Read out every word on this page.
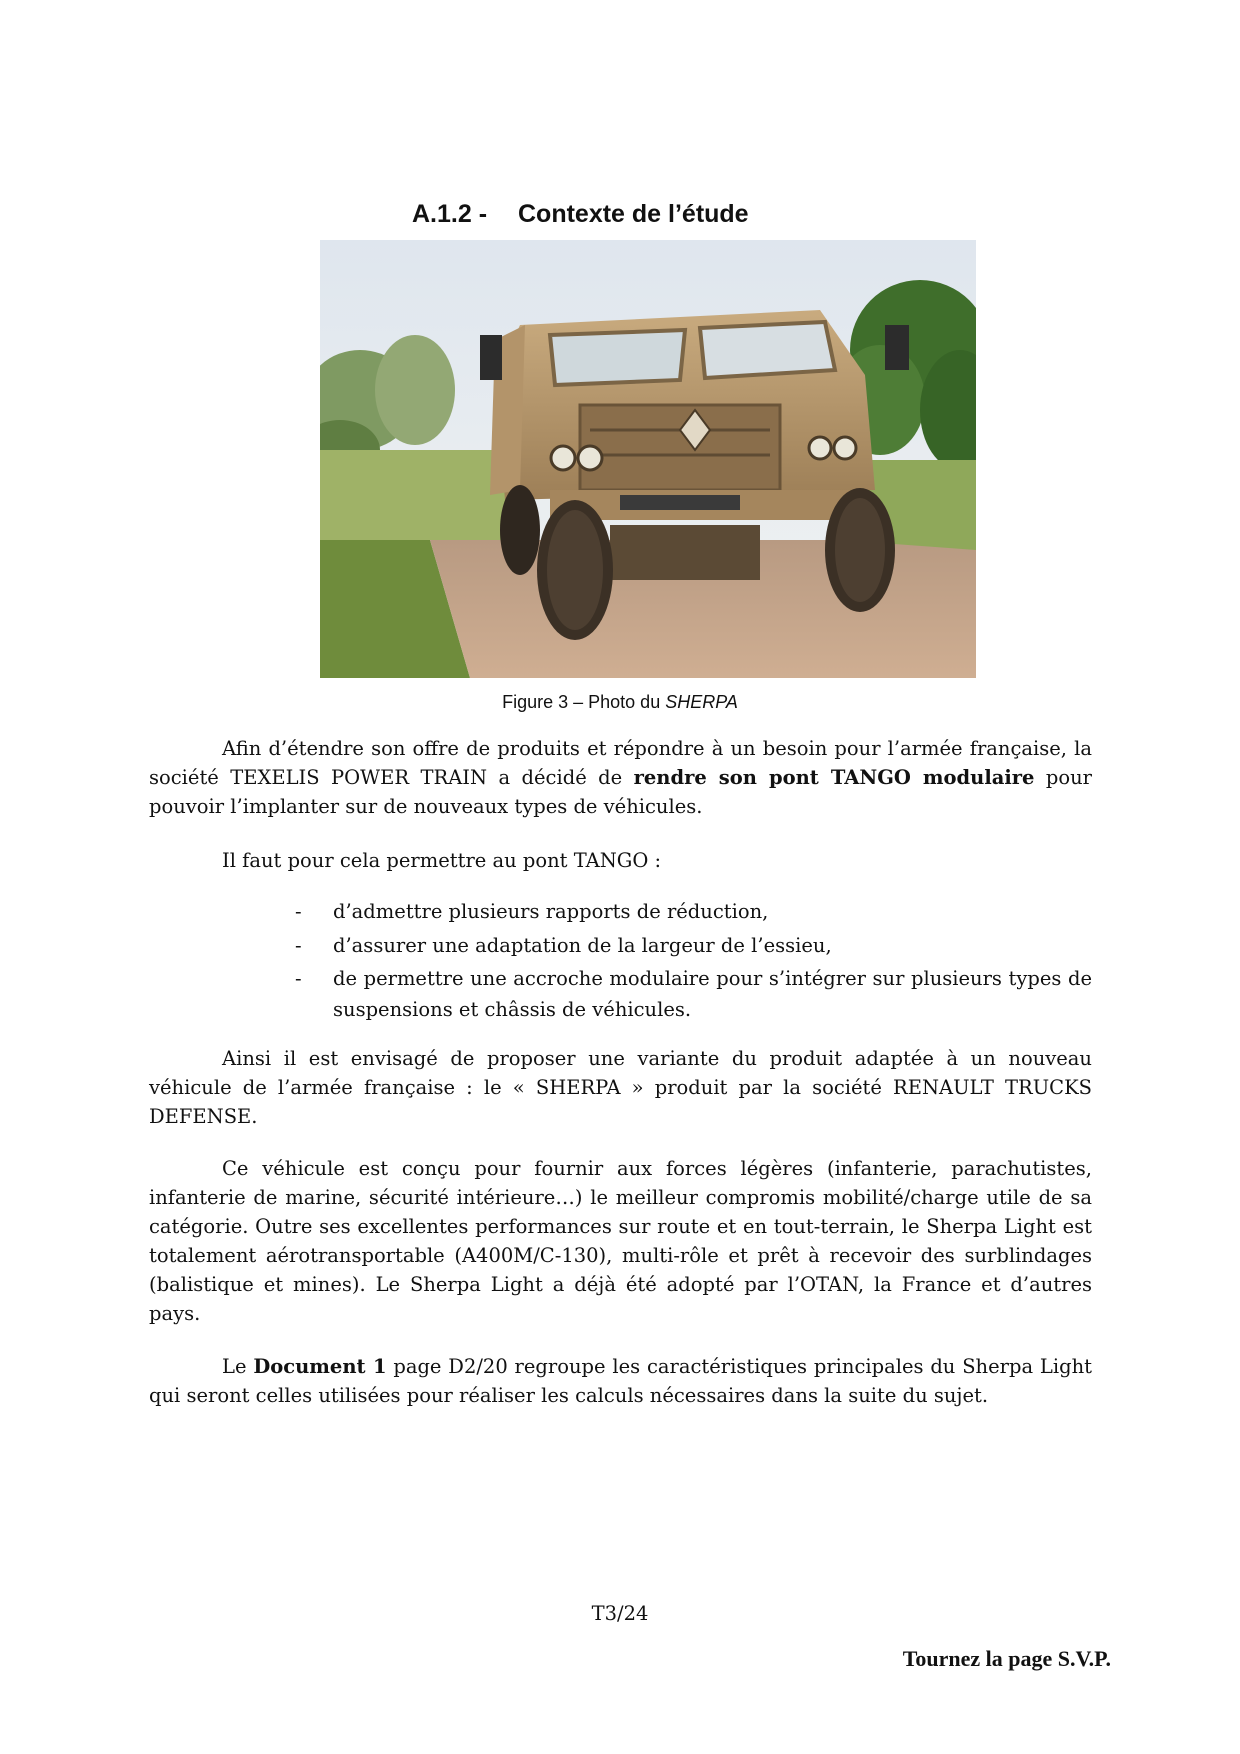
A.1.2 - Contexte de l’étude
Figure 3 – Photo du SHERPA

Afin d’étendre son offre de produits et répondre à un besoin pour l’armée française, la société TEXELIS POWER TRAIN a décidé de rendre son pont TANGO modulaire pour pouvoir l’implanter sur de nouveaux types de véhicules.

Il faut pour cela permettre au pont TANGO :

- d’admettre plusieurs rapports de réduction,
- d’assurer une adaptation de la largeur de l’essieu,
- de permettre une accroche modulaire pour s’intégrer sur plusieurs types de suspensions et châssis de véhicules.

Ainsi il est envisagé de proposer une variante du produit adaptée à un nouveau véhicule de l’armée française : le « SHERPA » produit par la société RENAULT TRUCKS DEFENSE.

Ce véhicule est conçu pour fournir aux forces légères (infanterie, parachutistes, infanterie de marine, sécurité intérieure…) le meilleur compromis mobilité/charge utile de sa catégorie. Outre ses excellentes performances sur route et en tout-terrain, le Sherpa Light est totalement aérotransportable (A400M/C-130), multi-rôle et prêt à recevoir des surblindages (balistique et mines). Le Sherpa Light a déjà été adopté par l’OTAN, la France et d’autres pays.

Le Document 1 page D2/20 regroupe les caractéristiques principales du Sherpa Light qui seront celles utilisées pour réaliser les calculs nécessaires dans la suite du sujet.

T3/24
Tournez la page S.V.P.
